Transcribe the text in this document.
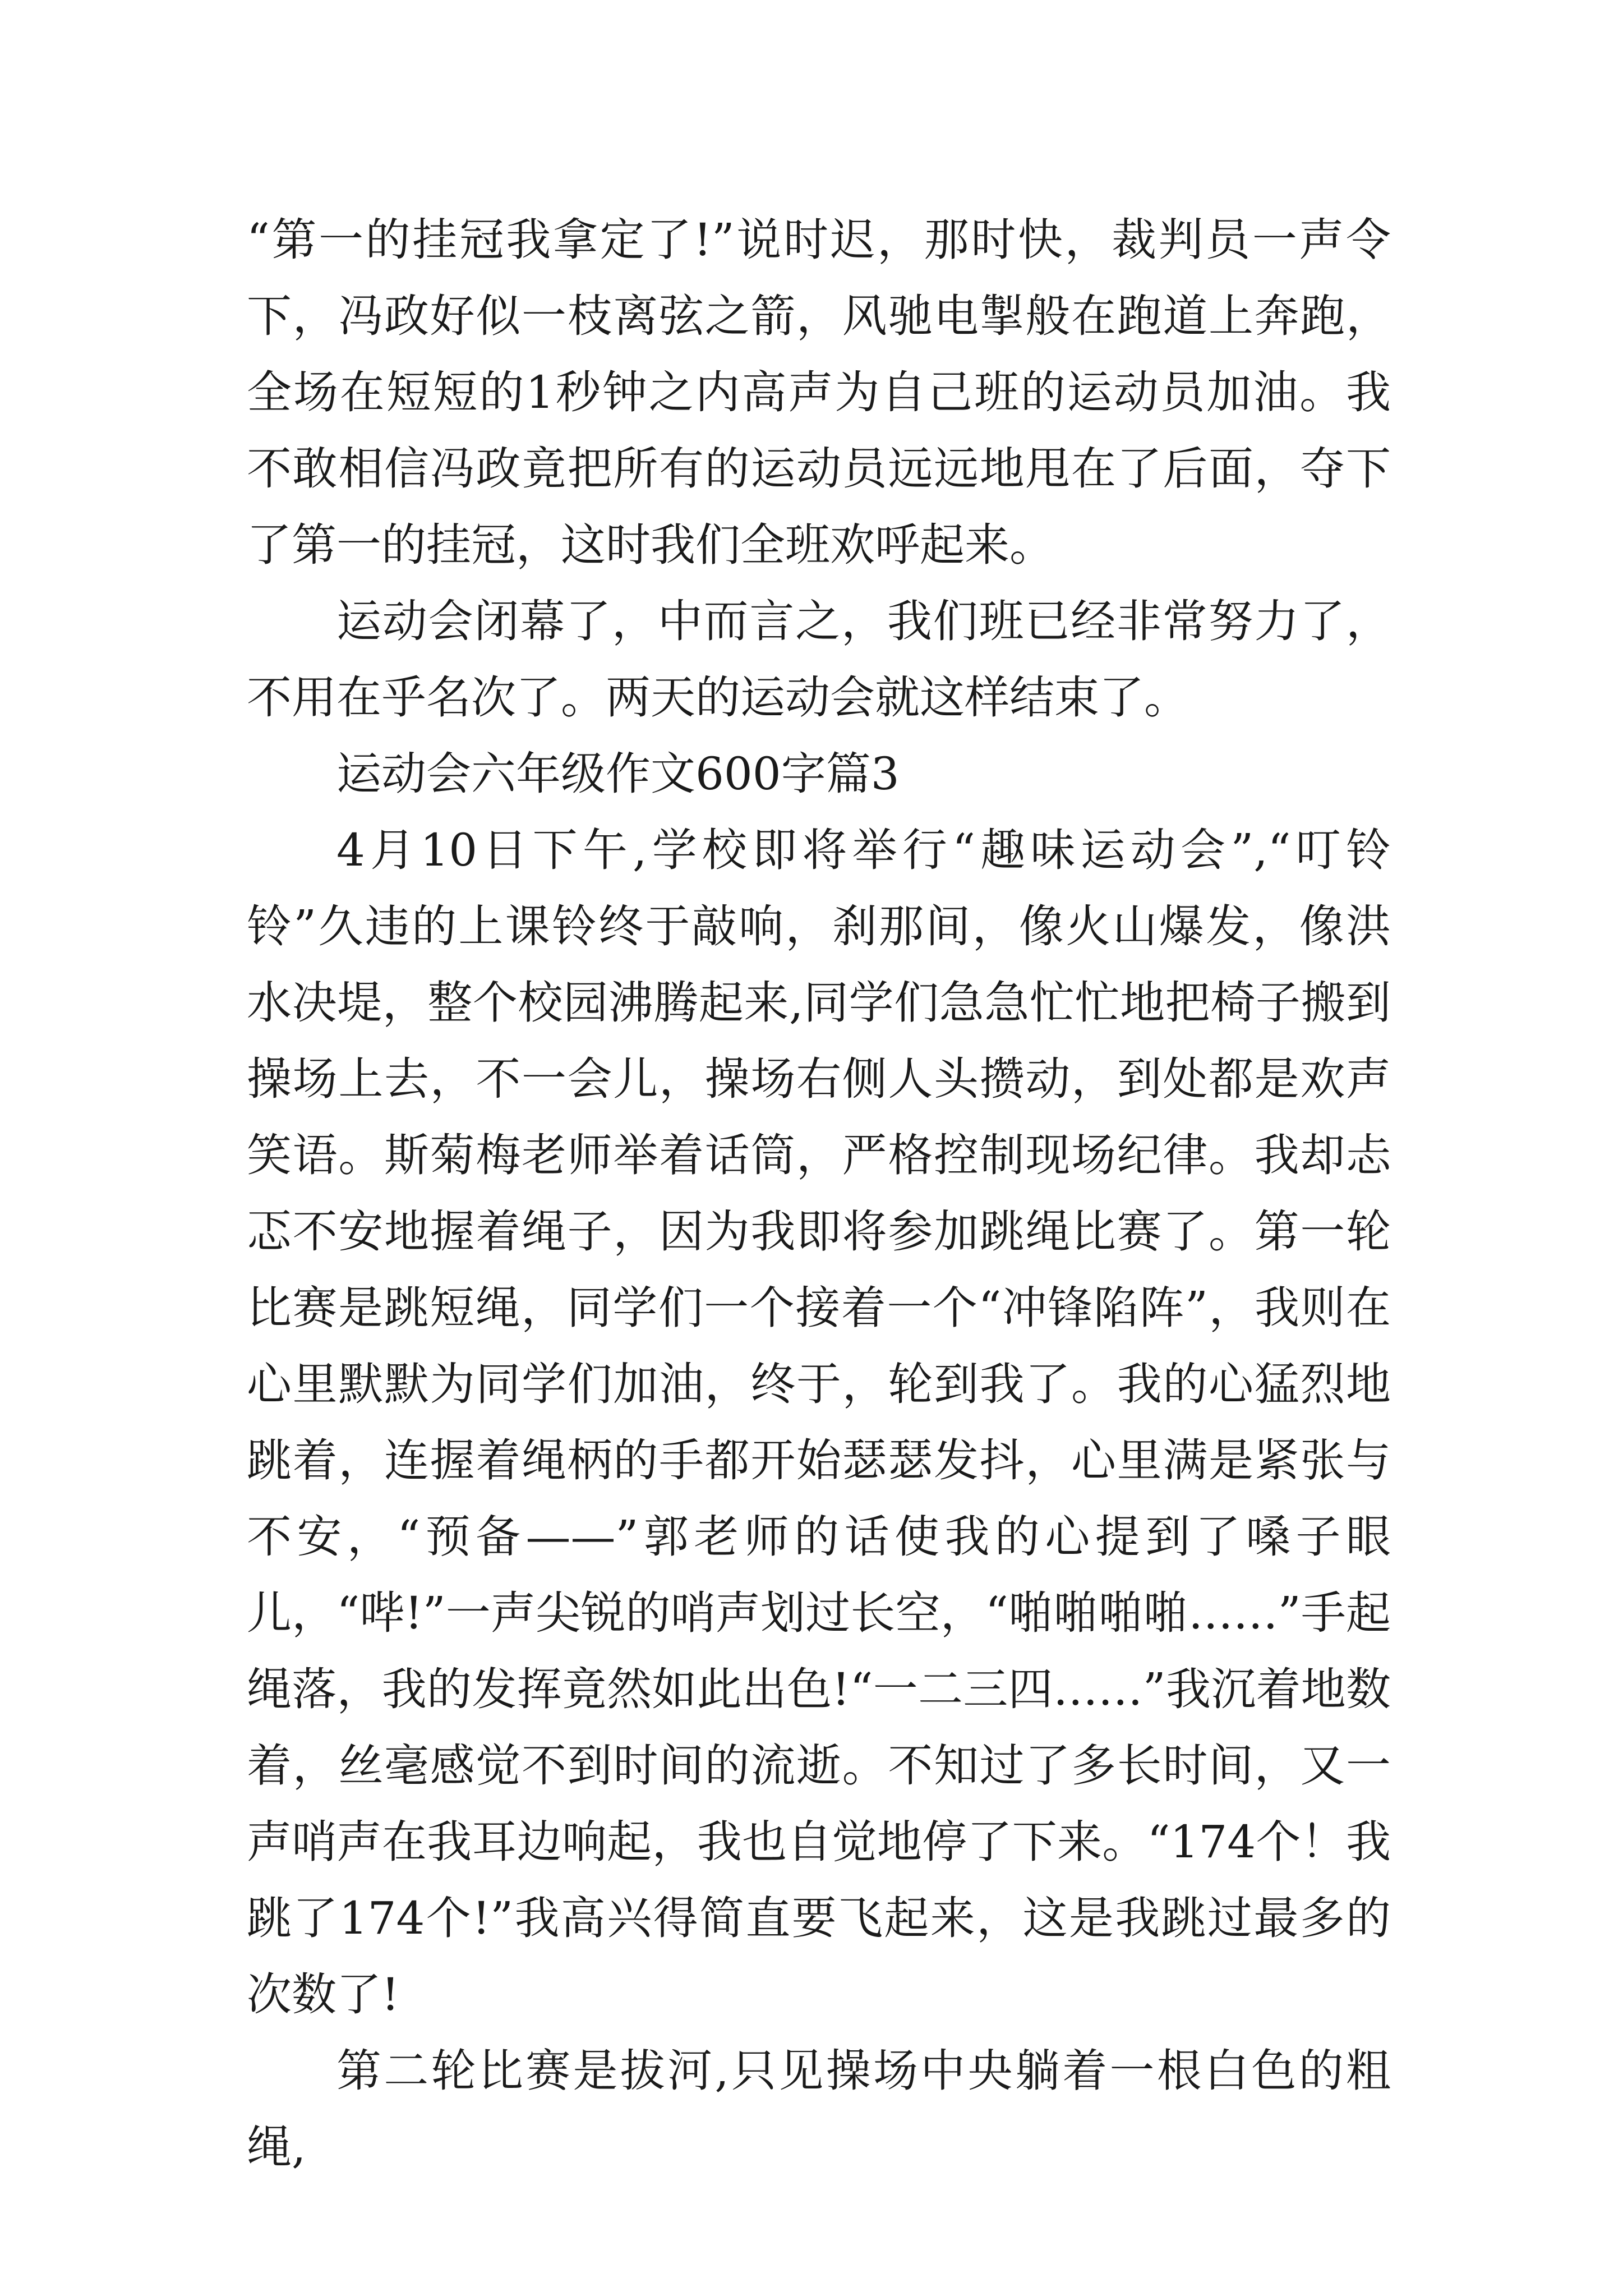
“第一的挂冠我拿定了!”说时迟，那时快，裁判员一声令下，冯政好似一枝离弦之箭，风驰电掣般在跑道上奔跑，全场在短短的1秒钟之内高声为自己班的运动员加油。我不敢相信冯政竟把所有的运动员远远地甩在了后面，夺下了第一的挂冠，这时我们全班欢呼起来。

运动会闭幕了，中而言之，我们班已经非常努力了，不用在乎名次了。两天的运动会就这样结束了。

运动会六年级作文600字篇3

4月10日下午,学校即将举行“趣味运动会”,“叮铃铃”久违的上课铃终于敲响，刹那间，像火山爆发，像洪水决堤，整个校园沸腾起来,同学们急急忙忙地把椅子搬到操场上去，不一会儿，操场右侧人头攒动，到处都是欢声笑语。斯菊梅老师举着话筒，严格控制现场纪律。我却忐忑不安地握着绳子，因为我即将参加跳绳比赛了。第一轮比赛是跳短绳，同学们一个接着一个“冲锋陷阵”，我则在心里默默为同学们加油，终于，轮到我了。我的心猛烈地跳着，连握着绳柄的手都开始瑟瑟发抖，心里满是紧张与不安，“预备——”郭老师的话使我的心提到了嗓子眼儿，“哔!”一声尖锐的哨声划过长空，“啪啪啪啪……”手起绳落，我的发挥竟然如此出色!“一二三四……”我沉着地数着，丝毫感觉不到时间的流逝。不知过了多长时间，又一声哨声在我耳边响起，我也自觉地停了下来。“174个！我跳了174个!”我高兴得简直要飞起来，这是我跳过最多的次数了!

第二轮比赛是拔河,只见操场中央躺着一根白色的粗绳,
